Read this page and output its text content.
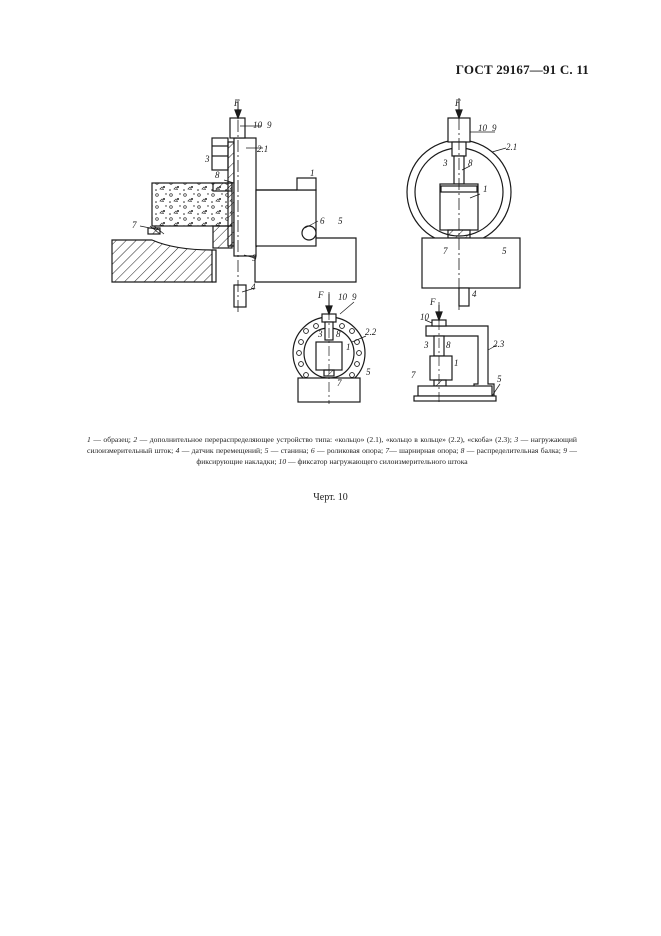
ГОСТ 29167—91 С. 11
F
10 9
2.1
3
8	1
6 5
7
9
4
F
10 9
2.1
3 8
1
7	5
4
F 10 9
2.2
3 8
1
7
5
F
10
2.3
3 8
1
7	5
1 — образец; 2 — дополнительное перераспределяющее устройство типа: «кольцо» (2.1), «кольцо в кольце» (2.2), «скоба» (2.3); 3 — нагружающий силоизмерительный шток; 4 — датчик перемещений; 5 — станина; 6 — роликовая опора; 7— шарнирная опора; 8 — распределительная балка; 9 — фиксирующие накладки; 10 — фиксатор нагружающего силоизмерительного штока
Черт. 10
